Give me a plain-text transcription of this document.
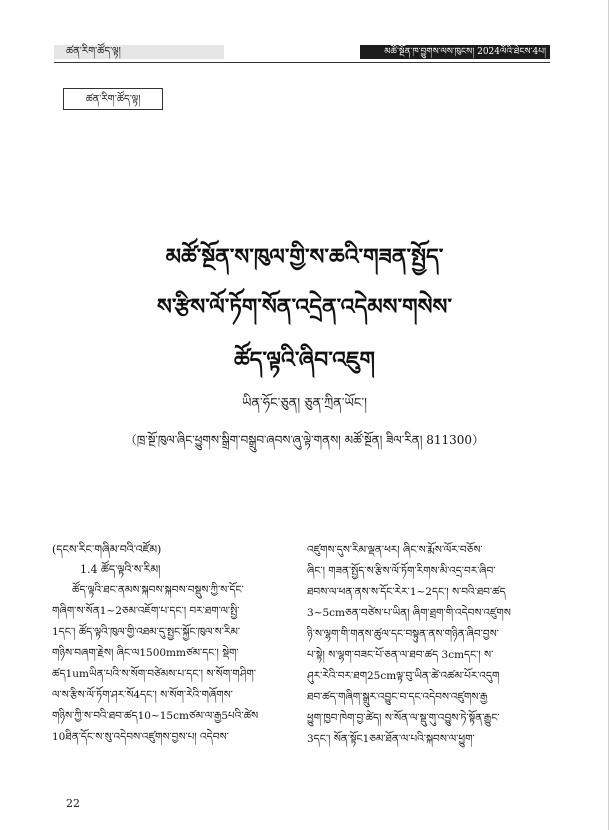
ཚན་རིག་ཚོད་ལྟ།	མཚོ་སྔོན་ཁ་བྱུགས་ལས་ཁུངས། 2024ལོའི་ཐེངས་4པ།
ཚན་རིག་ཚོད་ལྟ།
མཚོ་སྔོན་ས་ཁུལ་གྱི་ས་ཆའི་གཟན་སྤྱོད་
ས་རྩིས་ལོ་ཏོག་སོན་འདྲེན་འདེམས་གསེས་
ཚོད་ལྟའི་ཞིབ་འཇུག
ཡིན་ཧོང་ཅུན། ཅུན་ཀྲིན་ཡོང་།
（ཁྲ་སྔོ་ཁུལ་ཞིང་ཕྱུགས་སྒྲིག་བསྒྲུབ་ཞབས་ཞུ་ལྟེ་གནས། མཚོ་སྔོན། ཟིལ་རིན། 811300）
(དངས་རིང་གཞིམ་བའི་འཛོམ)
1.4 ཚོད་ལྟའི་ས་རིམ།
ཚོད་ལྟའི་ཐང་ནམས་སྐབས་སྐབས་བསྡུས་ཀྱི་ས་དོང་
གཞིག་ས་སོན1~2ཅམ་འཇོག་པ་དང་། བར་ཐག་ལ་སྤྱི་
1དང་། ཚོད་ལྟའི་ཁུལ་གྱི་འཐམ་དུ་སྤྱང་སྐྱོང་ཁུལ་ས་རིམ་
གཉིས་བཞག་རྗེས། ཞིང་ལ1500mmཙམ་དང་། སྡེག་
ཚད1umཡིན་པའི་ས་སོག་བཙེམས་པ་དང་། ས་སོག་གཤིག་
ལ་ས་རྩིས་ལོ་ཏོག་ཤར་སོ4དང་། ས་སོག་རེའི་གཞོགས་
གཉིས་ཀྱི་ས་བའི་ཐབ་ཚད10~15cmཙམ་ལ་རྒྱ5པའི་ཚེས
10ཐིན་དོང་ས་སུ་འདེབས་འཛུགས་བྱས་པ། འདེབས་
འཛུགས་དུས་རིམ་ལྡན་ཕར། ཞིང་ས་རྨོས་ལོར་བཅོས་
ཞིང་། གཟན་སྤྱོད་ས་རྩིས་ལོ་ཏོག་རིགས་མི་འདྲ་བར་ཞིབ་
ཐབས་ལ་ཕན་ནས་ས་དོང་རེར་1~2དང་། ས་བའི་ཐབ་ཚད
3~5cmཅན་བཙེས་པ་ཡིན། ཞིག་ཐྲག་གི་འདེབས་འཛུགས
ཉི་ས་ལྷག་གི་གནས་ཚུལ་དང་བསྟུན་ནས་གཉིན་ཞིབ་བྱས་
པ་སྟེ། ས་ལྷག་བཟང་པོ་ཅན་ལ་ཐབ་ཚད 3cmདང་། ས་
ཤུར་རེའི་བར་ཐག25cmལྟ་བུ་ཡིན་ཚེ་འཚམ་པོར་འདུག
ཐབ་ཚད་གཞིག་སྒྲུར་འབྱུང་བ་དང་འདེབས་འཛུགས་རྒྱ
ཕྱུག་ཁྱབ་ཁེག་བྱ་ཚེད། ས་སོན་ལ་སྡུ་གུ་འབྱུས་ཏེ་སྟོན་རྒྱུང་
3དང་། སོན་སྟོང1ཅམ་ཐོན་ལ་པའི་སྐབས་ལ་ཕྱུག་
22
